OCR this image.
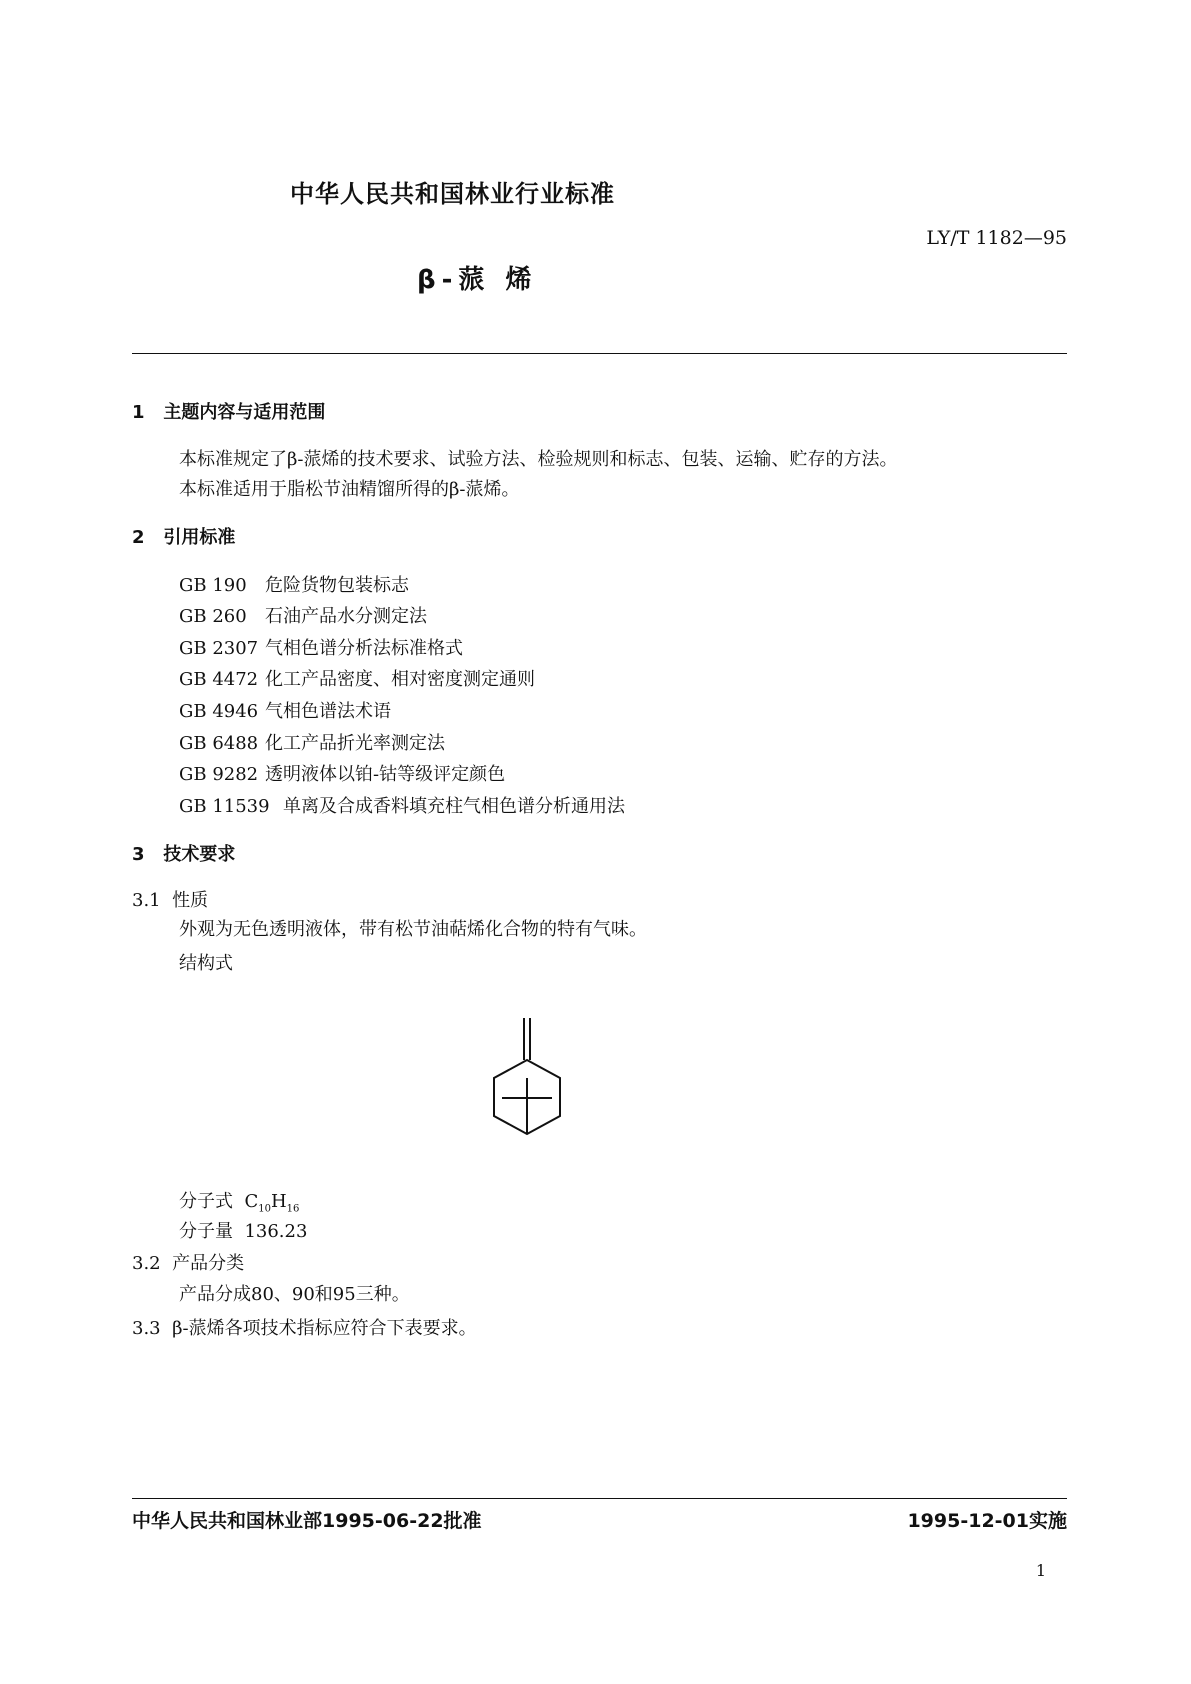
中华人民共和国林业行业标准
LY/T 1182—95
β-蒎 烯
1 主题内容与适用范围
本标准规定了β-蒎烯的技术要求、试验方法、检验规则和标志、包装、运输、贮存的方法。
本标准适用于脂松节油精馏所得的β-蒎烯。
2 引用标准
GB 190 危险货物包装标志
GB 260 石油产品水分测定法
GB 2307 气相色谱分析法标准格式
GB 4472 化工产品密度、相对密度测定通则
GB 4946 气相色谱法术语
GB 6488 化工产品折光率测定法
GB 9282 透明液体以铂-钴等级评定颜色
GB 11539 单离及合成香料填充柱气相色谱分析通用法
3 技术要求
3.1 性质
外观为无色透明液体，带有松节油萜烯化合物的特有气味。
结构式
分子式 $C_{10}H_{16}$
分子量 136.23
3.2 产品分类
产品分成80、90和95三种。
3.3 β-蒎烯各项技术指标应符合下表要求。
中华人民共和国林业部1995-06-22批准	1995-12-01实施
1
